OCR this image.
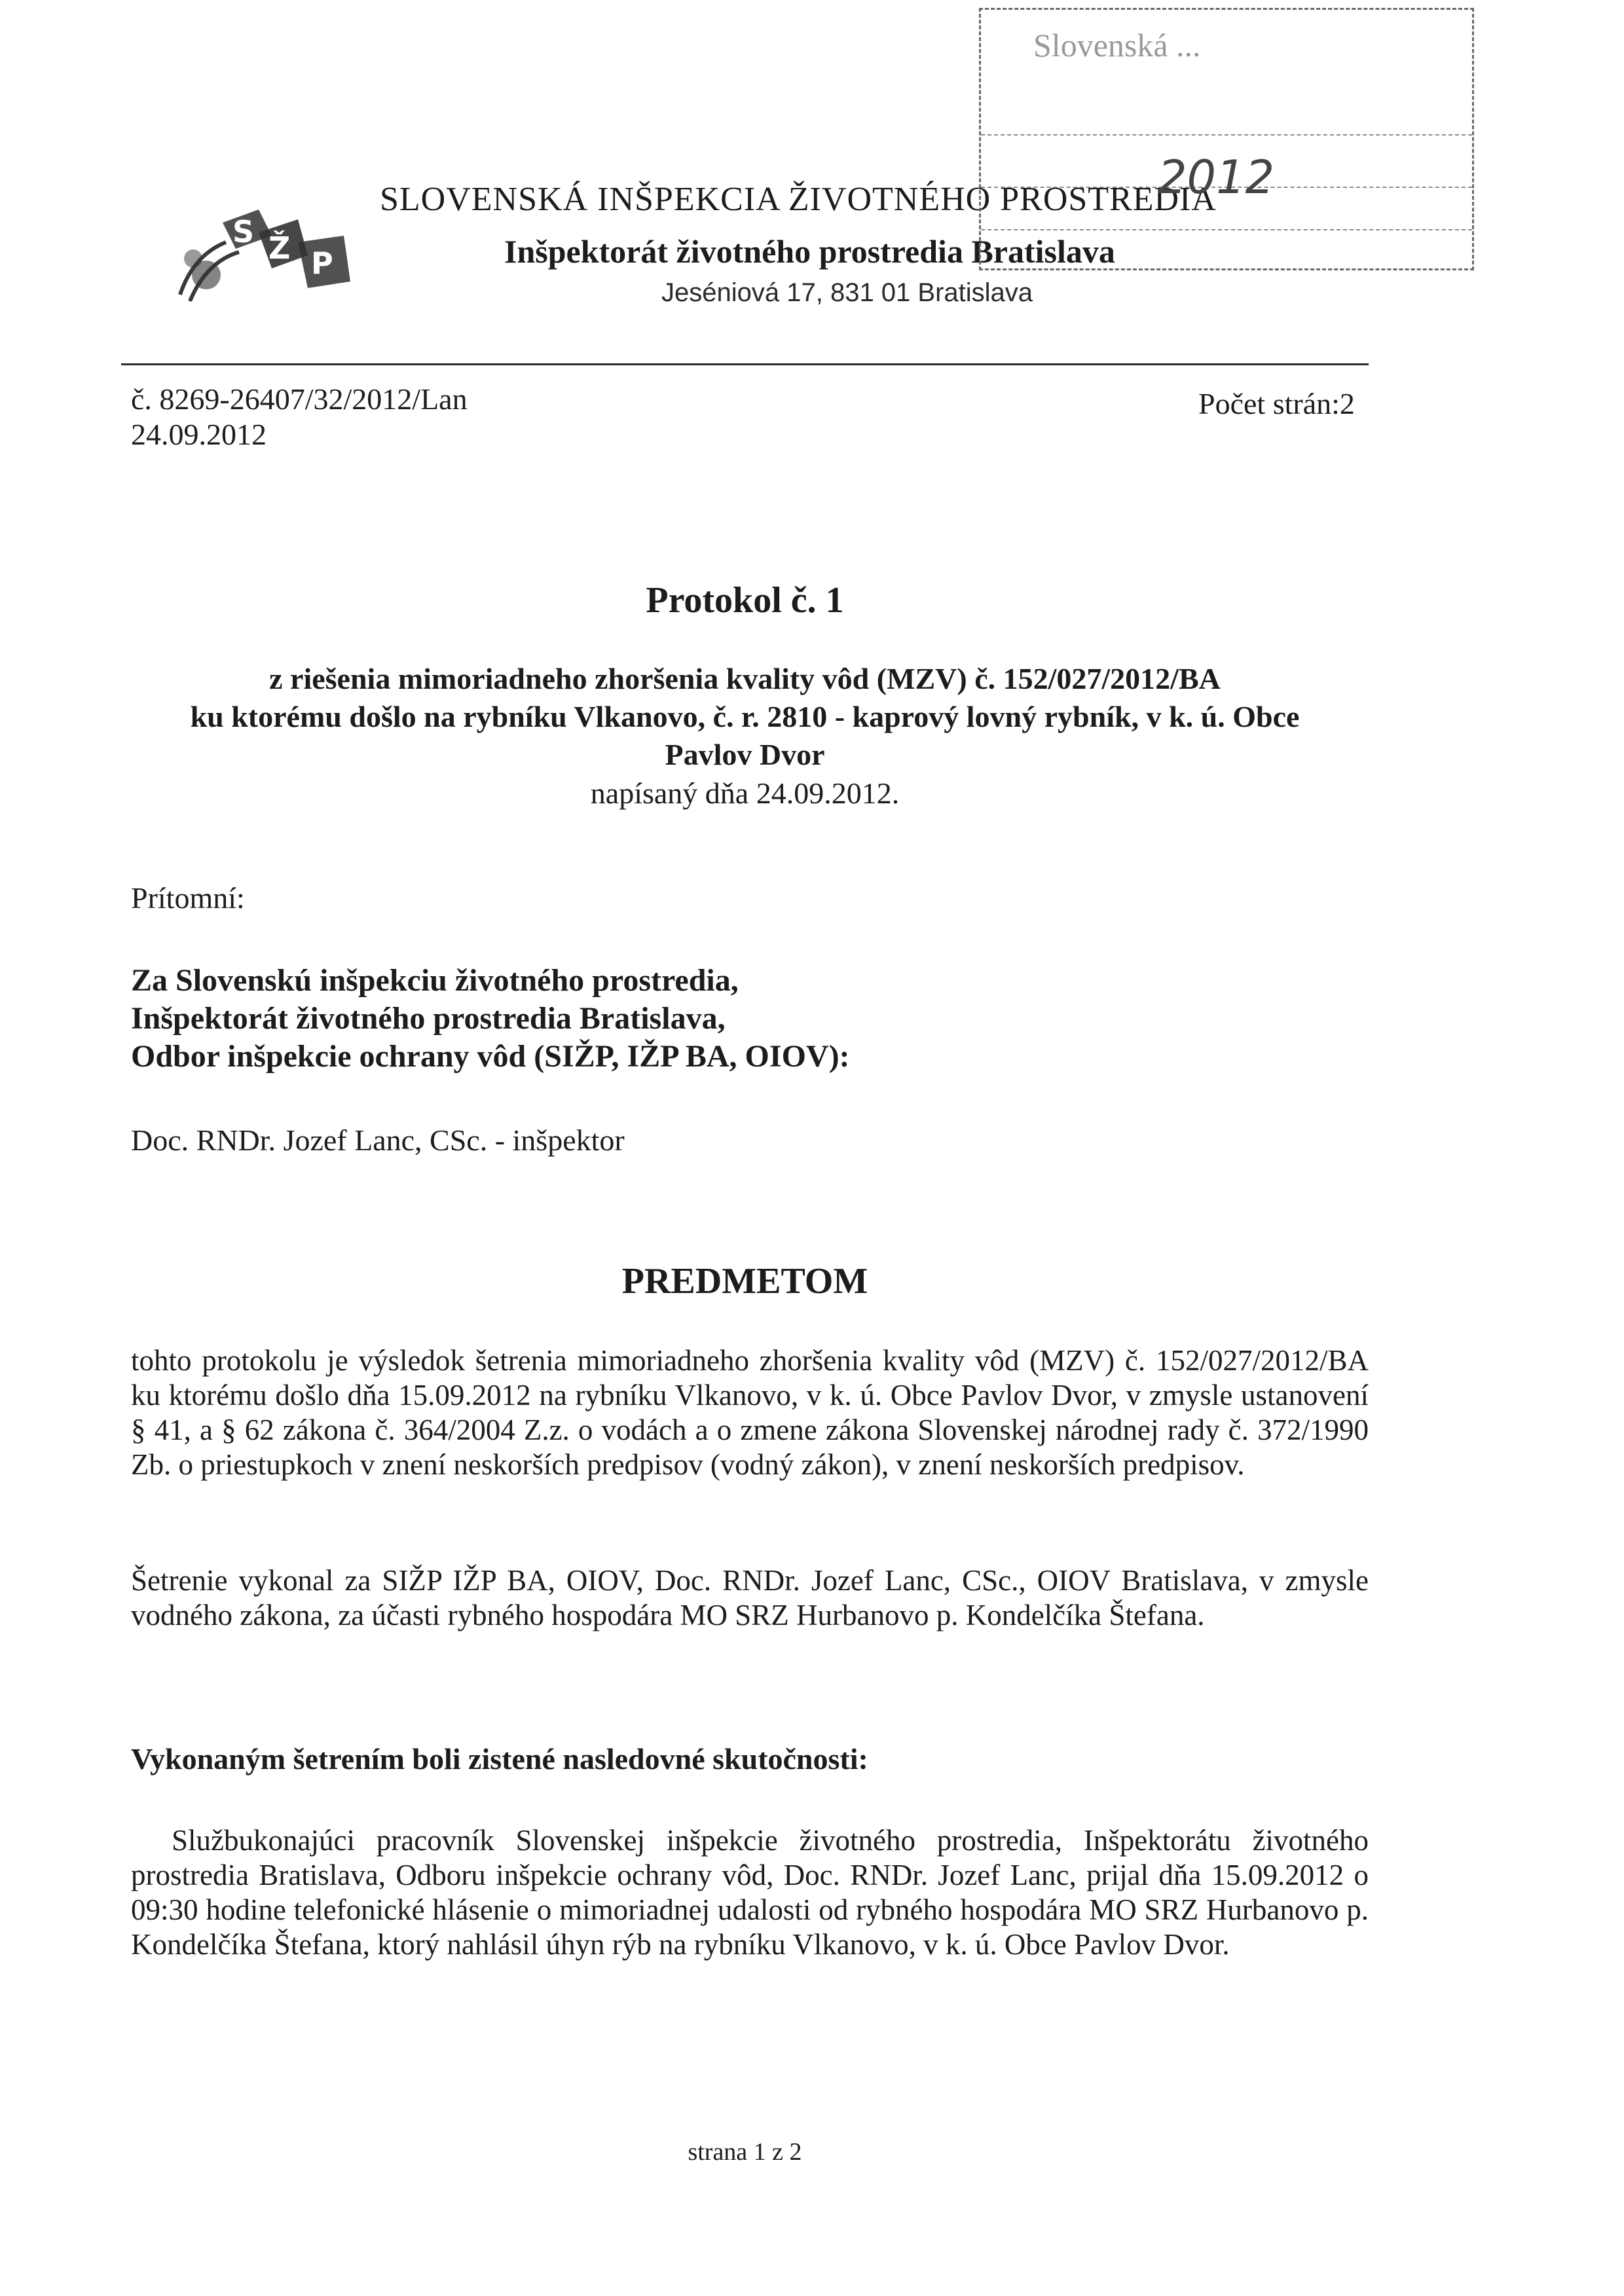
S Ž P
SLOVENSKÁ INŠPEKCIA ŽIVOTNÉHO PROSTREDIA
Inšpektorát životného prostredia Bratislava
Jeséniová 17, 831 01 Bratislava
Slovenská ...
2012
č. 8269-26407/32/2012/Lan
24.09.2012
Počet strán:2
Protokol č. 1
z riešenia mimoriadneho zhoršenia kvality vôd (MZV) č. 152/027/2012/BA
ku ktorému došlo na rybníku Vlkanovo, č. r. 2810 - kaprový lovný rybník, v k. ú. Obce
Pavlov Dvor
napísaný dňa 24.09.2012.
Prítomní:
Za Slovenskú inšpekciu životného prostredia,
Inšpektorát životného prostredia Bratislava,
Odbor inšpekcie ochrany vôd (SIŽP, IŽP BA, OIOV):
Doc. RNDr. Jozef Lanc, CSc. - inšpektor
PREDMETOM
tohto protokolu je výsledok šetrenia mimoriadneho zhoršenia kvality vôd (MZV) č. 152/027/2012/BA ku ktorému došlo dňa 15.09.2012 na rybníku Vlkanovo, v k. ú. Obce Pavlov Dvor, v zmysle ustanovení § 41, a § 62 zákona č. 364/2004 Z.z. o vodách a o zmene zákona Slovenskej národnej rady č. 372/1990 Zb. o priestupkoch v znení neskorších predpisov (vodný zákon), v znení neskorších predpisov.
Šetrenie vykonal za SIŽP IŽP BA, OIOV, Doc. RNDr. Jozef Lanc, CSc., OIOV Bratislava, v zmysle vodného zákona, za účasti rybného hospodára MO SRZ Hurbanovo p. Kondelčíka Štefana.
Vykonaným šetrením boli zistené nasledovné skutočnosti:
Službukonajúci pracovník Slovenskej inšpekcie životného prostredia, Inšpektorátu životného prostredia Bratislava, Odboru inšpekcie ochrany vôd, Doc. RNDr. Jozef Lanc, prijal dňa 15.09.2012 o 09:30 hodine telefonické hlásenie o mimoriadnej udalosti od rybného hospodára MO SRZ Hurbanovo p. Kondelčíka Štefana, ktorý nahlásil úhyn rýb na rybníku Vlkanovo, v k. ú. Obce Pavlov Dvor.
strana 1 z 2
